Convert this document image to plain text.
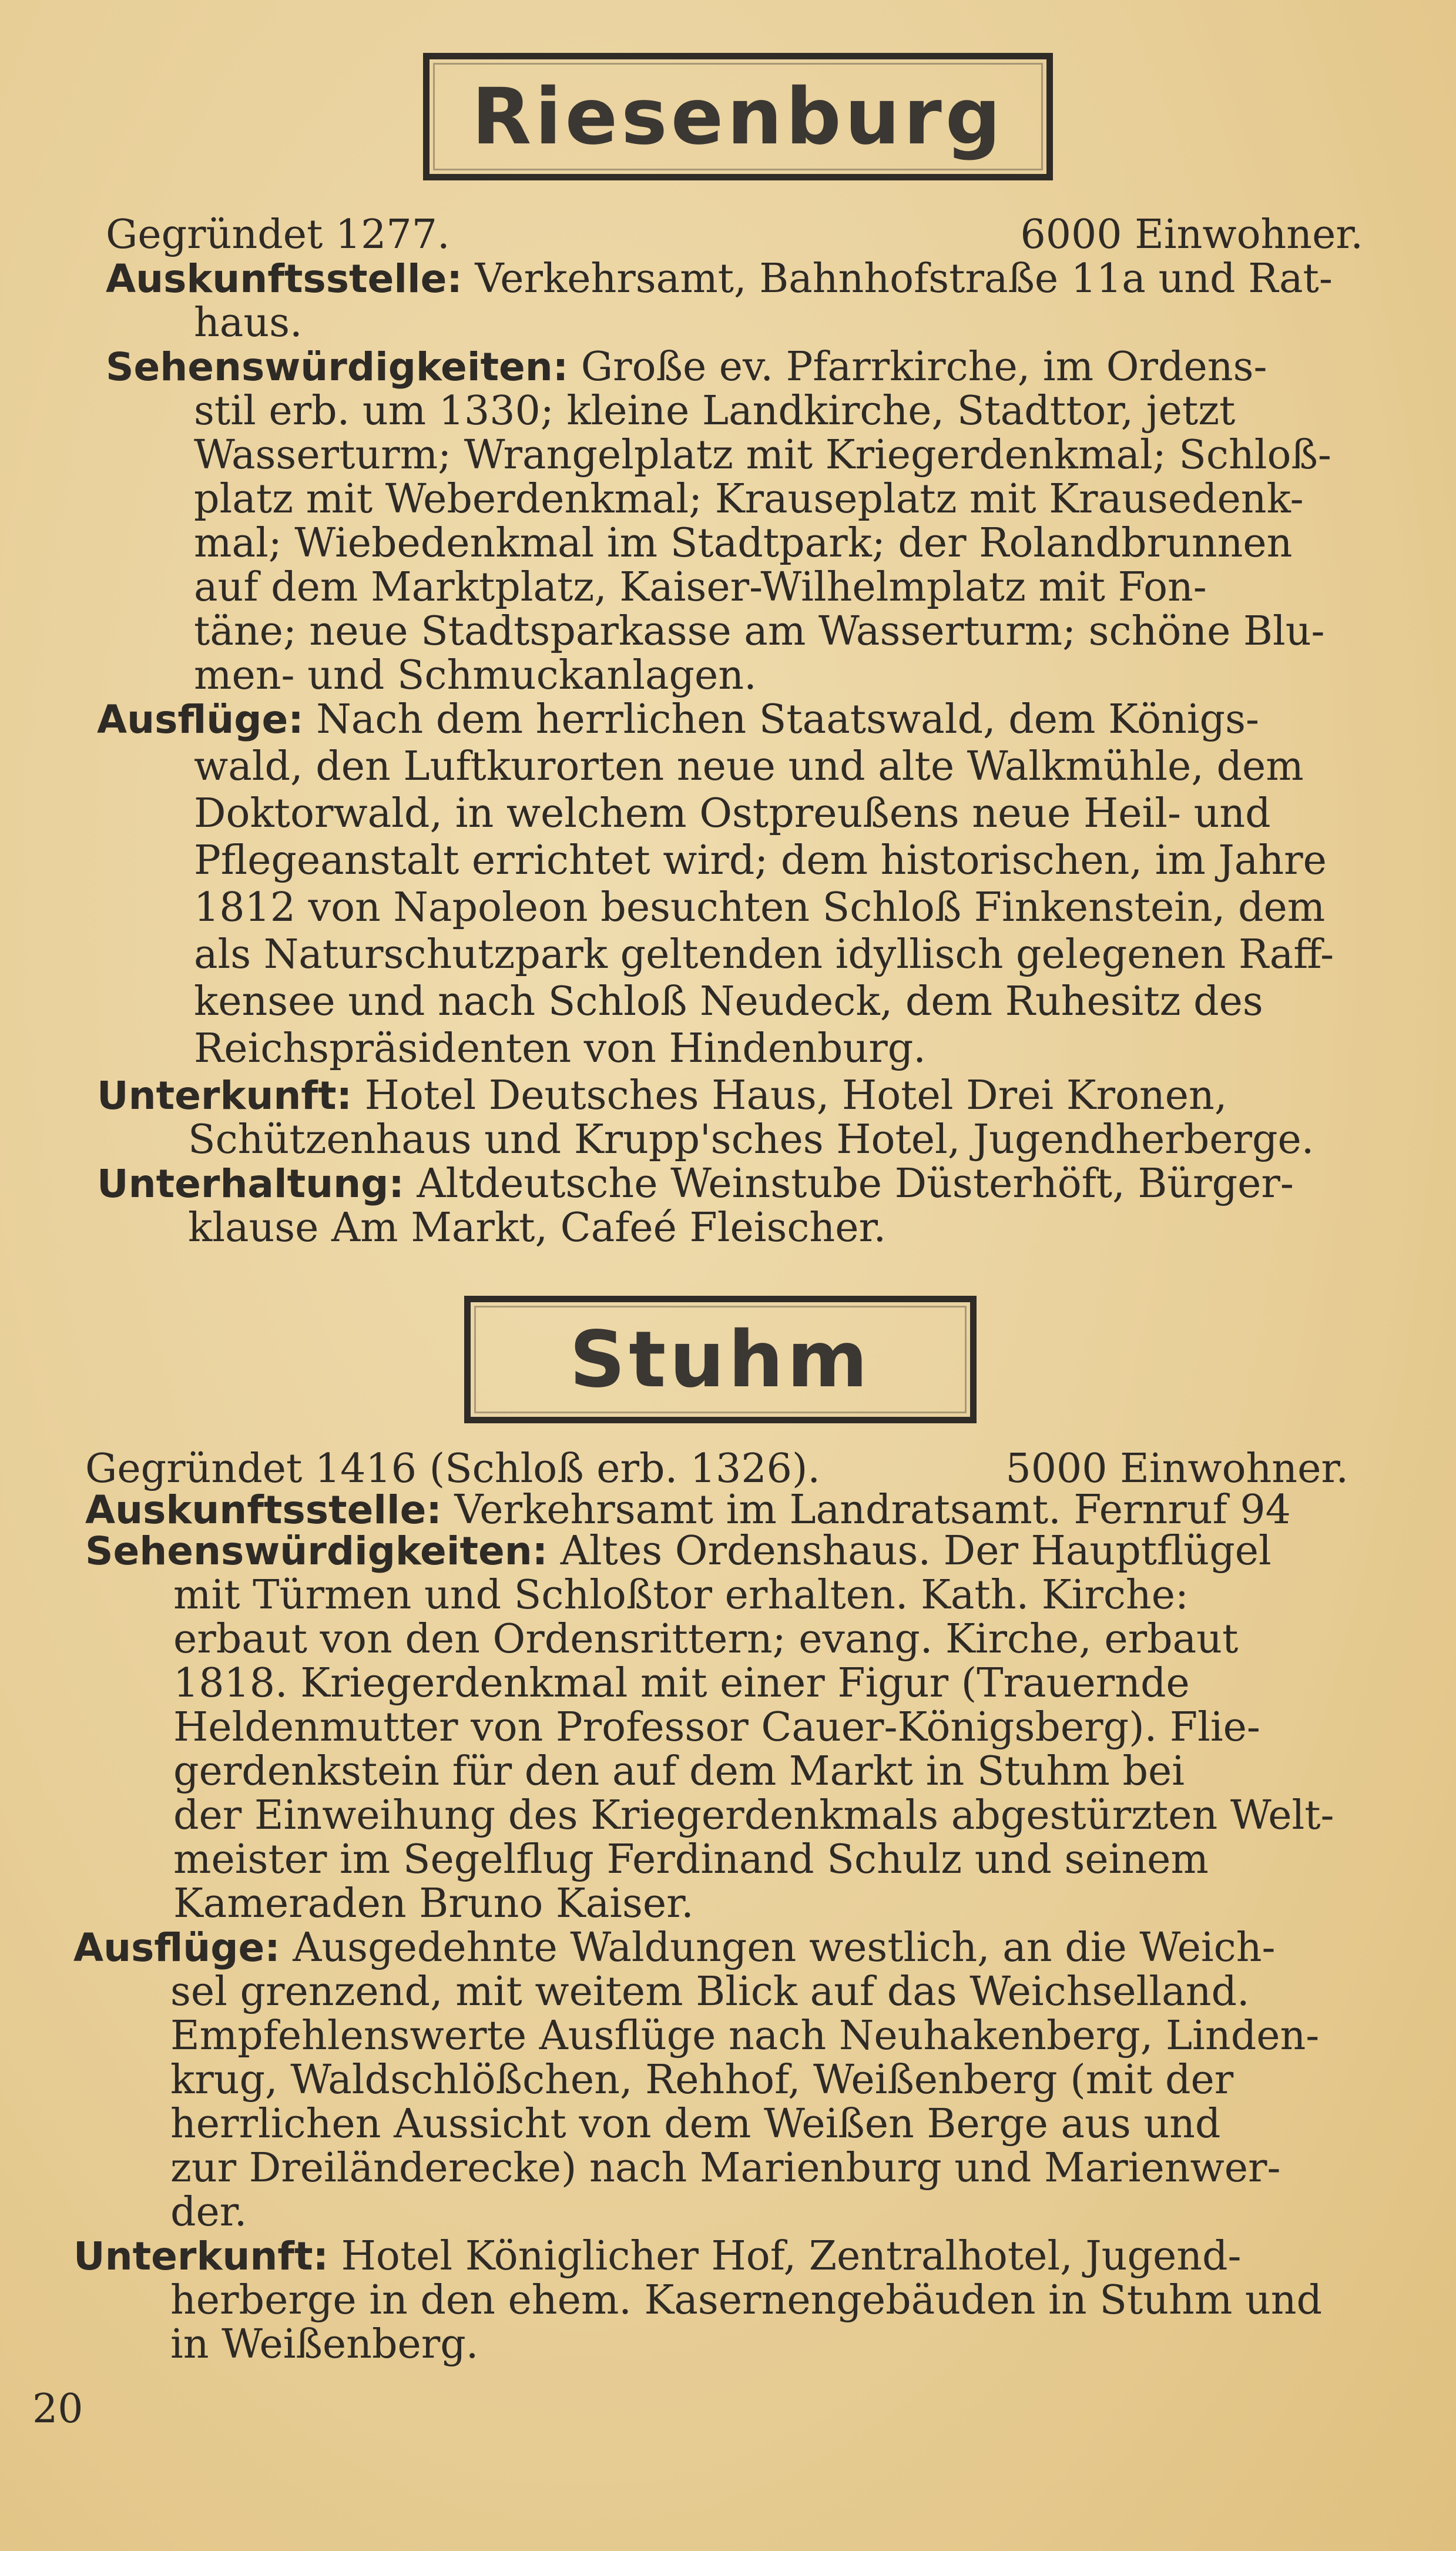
Riesenburg
Gegründet 1277.	6000 Einwohner.
Auskunftsstelle: Verkehrsamt, Bahnhofstraße 11a und Rat-
haus.
Sehenswürdigkeiten: Große ev. Pfarrkirche, im Ordens-
stil erb. um 1330; kleine Landkirche, Stadttor, jetzt
Wasserturm; Wrangelplatz mit Kriegerdenkmal; Schloß-
platz mit Weberdenkmal; Krauseplatz mit Krausedenk-
mal; Wiebedenkmal im Stadtpark; der Rolandbrunnen
auf dem Marktplatz, Kaiser-Wilhelmplatz mit Fon-
täne; neue Stadtsparkasse am Wasserturm; schöne Blu-
men- und Schmuckanlagen.
Ausflüge: Nach dem herrlichen Staatswald, dem Königs-
wald, den Luftkurorten neue und alte Walkmühle, dem
Doktorwald, in welchem Ostpreußens neue Heil- und
Pflegeanstalt errichtet wird; dem historischen, im Jahre
1812 von Napoleon besuchten Schloß Finkenstein, dem
als Naturschutzpark geltenden idyllisch gelegenen Raff-
kensee und nach Schloß Neudeck, dem Ruhesitz des
Reichspräsidenten von Hindenburg.
Unterkunft: Hotel Deutsches Haus, Hotel Drei Kronen,
Schützenhaus und Krupp'sches Hotel, Jugendherberge.
Unterhaltung: Altdeutsche Weinstube Düsterhöft, Bürger-
klause Am Markt, Cafeé Fleischer.
Stuhm
Gegründet 1416 (Schloß erb. 1326).	5000 Einwohner.
Auskunftsstelle: Verkehrsamt im Landratsamt. Fernruf 94
Sehenswürdigkeiten: Altes Ordenshaus. Der Hauptflügel
mit Türmen und Schloßtor erhalten. Kath. Kirche:
erbaut von den Ordensrittern; evang. Kirche, erbaut
1818. Kriegerdenkmal mit einer Figur (Trauernde
Heldenmutter von Professor Cauer-Königsberg). Flie-
gerdenkstein für den auf dem Markt in Stuhm bei
der Einweihung des Kriegerdenkmals abgestürzten Welt-
meister im Segelflug Ferdinand Schulz und seinem
Kameraden Bruno Kaiser.
Ausflüge: Ausgedehnte Waldungen westlich, an die Weich-
sel grenzend, mit weitem Blick auf das Weichselland.
Empfehlenswerte Ausflüge nach Neuhakenberg, Linden-
krug, Waldschlößchen, Rehhof, Weißenberg (mit der
herrlichen Aussicht von dem Weißen Berge aus und
zur Dreiländerecke) nach Marienburg und Marienwer-
der.
Unterkunft: Hotel Königlicher Hof, Zentralhotel, Jugend-
herberge in den ehem. Kasernengebäuden in Stuhm und
in Weißenberg.
20
